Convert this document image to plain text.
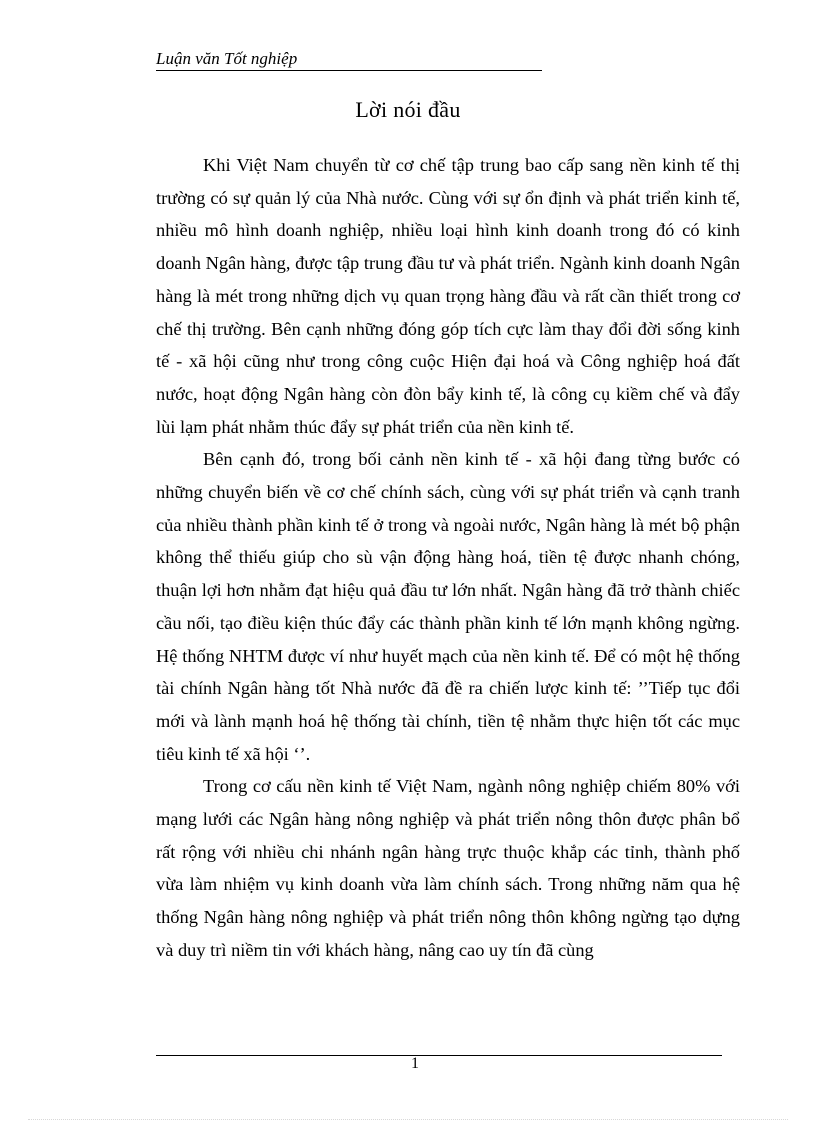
Luận văn Tốt nghiệp
Lời nói đầu

Khi Việt Nam chuyển từ cơ chế tập trung bao cấp sang nền kinh tế thị trường có sự quản lý của Nhà nước. Cùng với sự ổn định và phát triển kinh tế, nhiều mô hình doanh nghiệp, nhiều loại hình kinh doanh trong đó có kinh doanh Ngân hàng, được tập trung đầu tư và phát triển. Ngành kinh doanh Ngân hàng là mét trong những dịch vụ quan trọng hàng đầu và rất cần thiết trong cơ chế thị trường. Bên cạnh những đóng góp tích cực làm thay đổi đời sống kinh tế - xã hội cũng như trong công cuộc Hiện đại hoá và Công nghiệp hoá đất nước, hoạt động Ngân hàng còn đòn bẩy kinh tế, là công cụ kiềm chế và đẩy lùi lạm phát nhằm thúc đẩy sự phát triển của nền kinh tế.

Bên cạnh đó, trong bối cảnh nền kinh tế - xã hội đang từng bước có những chuyển biến về cơ chế chính sách, cùng với sự phát triển và cạnh tranh của nhiều thành phần kinh tế ở trong và ngoài nước, Ngân hàng là mét bộ phận không thể thiếu giúp cho sù vận động hàng hoá, tiền tệ được nhanh chóng, thuận lợi hơn nhằm đạt hiệu quả đầu tư lớn nhất. Ngân hàng đã trở thành chiếc cầu nối, tạo điều kiện thúc đẩy các thành phần kinh tế lớn mạnh không ngừng. Hệ thống NHTM được ví như huyết mạch của nền kinh tế. Để có một hệ thống tài chính Ngân hàng tốt Nhà nước đã đề ra chiến lược kinh tế: ’’Tiếp tục đổi mới và lành mạnh hoá hệ thống tài chính, tiền tệ nhằm thực hiện tốt các mục tiêu kinh tế xã hội ‘’.

Trong cơ cấu nền kinh tế Việt Nam, ngành nông nghiệp chiếm 80% với mạng lưới các Ngân hàng nông nghiệp và phát triển nông thôn được phân bổ rất rộng với nhiều chi nhánh ngân hàng trực thuộc khắp các tỉnh, thành phố vừa làm nhiệm vụ kinh doanh vừa làm chính sách. Trong những năm qua hệ thống Ngân hàng nông nghiệp và phát triển nông thôn không ngừng tạo dựng và duy trì niềm tin với khách hàng, nâng cao uy tín đã cùng

1
